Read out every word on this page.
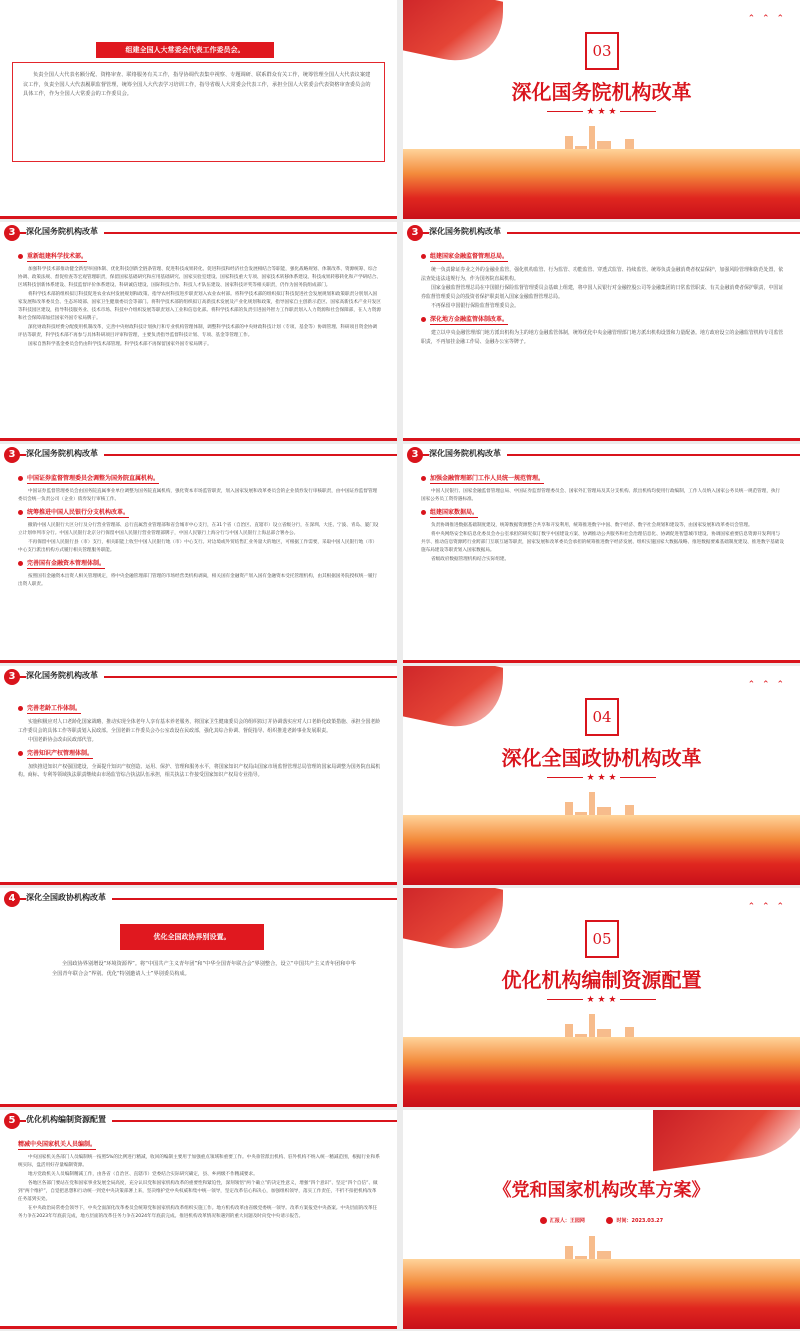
组建全国人大常委会代表工作委员会。

负责全国人大代表名额分配、资格审查、联络服务有关工作，指导协调代表集中视察、专题调研、联系群众有关工作，统筹管理全国人大代表议案建议工作，负责全国人大代表履职监督管理，统筹全国人大代表学习培训工作，指导省级人大常委会代表工作，承担全国人大常委会代表资格审查委员会的具体工作，作为全国人大常委会的工作委员会。

⌃ ⌃ ⌃
03
深化国务院机构改革
★ ★ ★
3	深化国务院机构改革
重新组建科学技术部。

加强科学技术部推动健全新型举国体制、优化科技创新全链条管理、促进科技成果转化、促进科技和经济社会发展相结合等职能，强化战略规划、体制改革、资源统筹、综合协调、政策法规、督促检查等宏观管理职责，保留国家基础研究和应用基础研究、国家实验室建设、国家科技重大专项、国家技术转移体系建设、科技成果转移转化和产学研结合、区域科技创新体系建设、科技监督评价体系建设、科研诚信建设、国际科技合作、科技人才队伍建设、国家科技评奖等相关职责，仍作为国务院组成部门。

将科学技术部的组织拟订科技促进农业农村发展规划和政策、指导农村科技进步职责划入农业农村部。将科学技术部的组织拟订科技促进社会发展规划和政策职责分别划入国家发展和改革委员会、生态环境部、国家卫生健康委员会等部门。将科学技术部的组织拟订高新技术发展及产业化规划和政策，指导国家自主创新示范区、国家高新技术产业开发区等科技园区建设，指导科技服务业、技术市场、科技中介组织发展等职责划入工业和信息化部。将科学技术部的负责引进国外智力工作职责划入人力资源和社会保障部，在人力资源和社会保障部加挂国家外国专家局牌子。

深化财政科技经费分配使用机制改革，完善中央财政科技计划执行和专业机构管理体制，调整科学技术部的中央财政科技计划（专项、基金等）协调管理、科研项目资金协调评估等职责，科学技术部不再参与具体科研项目评审和管理，主要负责指导监督科技计划、专项、基金等管理工作。

国家自然科学基金委员会仍由科学技术部管理。科学技术部不再保留国家外国专家局牌子。

3	深化国务院机构改革
组建国家金融监督管理总局。

统一负责除证券业之外的金融业监管，强化机构监管、行为监管、功能监管、穿透式监管、持续监管，统筹负责金融消费者权益保护，加强风险管理和防范处置，依法查处违法违规行为，作为国务院直属机构。

国家金融监督管理总局在中国银行保险监督管理委员会基础上组建，将中国人民银行对金融控股公司等金融集团的日常监管职责、有关金融消费者保护职责，中国证券监督管理委员会的投资者保护职责划入国家金融监督管理总局。

不再保留中国银行保险监督管理委员会。

深化地方金融监管体制改革。

建立以中央金融管理部门地方派出机构为主的地方金融监管体制，统筹优化中央金融管理部门地方派出机构设置和力量配备。地方政府设立的金融监管机构专司监管职责，不再加挂金融工作局、金融办公室等牌子。

3	深化国务院机构改革
中国证券监督管理委员会调整为国务院直属机构。

中国证券监督管理委员会由国务院直属事业单位调整为国务院直属机构，强化资本市场监管职责，划入国家发展和改革委员会的企业债券发行审核职责，由中国证券监督管理委员会统一负责公司（企业）债券发行审核工作。

统筹推进中国人民银行分支机构改革。

撤销中国人民银行大区分行及分行营业管理部、总行直属营业管理部和省会城市中心支行，在31个省（自治区、直辖市）设立省级分行，在深圳、大连、宁波、青岛、厦门设立计划单列市分行。中国人民银行北京分行保留中国人民银行营业管理部牌子，中国人民银行上海分行与中国人民银行上海总部合署办公。

不再保留中国人民银行县（市）支行，相关职能上收至中国人民银行地（市）中心支行。对边境或外贸结售汇业务量大的地区，可根据工作需要，采取中国人民银行地（市）中心支行派出机构方式履行相关管理服务职能。

完善国有金融资本管理体制。

按照国有金融资本出资人相关管理规定，将中央金融管理部门管理的市场经营类机构剥离，相关国有金融资产划入国有金融资本受托管理机构，由其根据国务院授权统一履行出资人职责。

3	深化国务院机构改革
加强金融管理部门工作人员统一规范管理。

中国人民银行、国家金融监督管理总局、中国证券监督管理委员会、国家外汇管理局及其分支机构、派出机构均使用行政编制，工作人员纳入国家公务员统一规范管理，执行国家公务员工资待遇标准。

组建国家数据局。

负责协调推进数据基础制度建设，统筹数据资源整合共享和开发利用，统筹推进数字中国、数字经济、数字社会规划和建设等，由国家发展和改革委员会管理。

将中央网络安全和信息化委员会办公室承担的研究拟订数字中国建设方案、协调推动公共服务和社会治理信息化、协调促进智慧城市建设、协调国家重要信息资源开发利用与共享、推动信息资源跨行业跨部门互联互通等职责，国家发展和改革委员会承担的统筹推进数字经济发展、组织实施国家大数据战略、推进数据要素基础制度建设、推进数字基础设施布局建设等职责划入国家数据局。

省级政府数据管理机构结合实际组建。

3	深化国务院机构改革
完善老龄工作体制。

实施积极应对人口老龄化国家战略，推动实现全体老年人享有基本养老服务，将国家卫生健康委员会的组织拟订并协调落实应对人口老龄化政策措施、承担全国老龄工作委员会的具体工作等职责划入民政部。全国老龄工作委员会办公室改设在民政部，强化其综合协调、督促指导、组织推进老龄事业发展职责。

中国老龄协会改由民政部代管。

完善知识产权管理体制。

加快推进知识产权强国建设，全面提升知识产权创造、运用、保护、管理和服务水平，将国家知识产权局由国家市场监督管理总局管理的国家局调整为国务院直属机构。商标、专利等领域执法职责继续由市场监管综合执法队伍承担，相关执法工作接受国家知识产权局专业指导。

⌃ ⌃ ⌃
04
深化全国政协机构改革
★ ★ ★
4	深化全国政协机构改革
优化全国政协界别设置。

全国政协界别增设“环境资源界”。将“中国共产主义青年团”和“中华全国青年联合会”界别整合，设立“中国共产主义青年团和中华全国青年联合会”界别。优化“特别邀请人士”界别委员构成。

⌃ ⌃ ⌃
05
优化机构编制资源配置
★ ★ ★
5	优化机构编制资源配置
精减中央国家机关人员编制。

中央国家机关各部门人员编制统一按照5%的比例进行精减，收回的编制主要用于加强重点领域和重要工作。中央垂管派出机构、驻外机构不纳入统一精减范围，根据行业和系统实际，盘活用好存量编制资源。

地方党政机关人员编制精减工作，由各省（自治区、直辖市）党委结合实际研究确定，县、乡两级不作精减要求。

各地区各部门要站在党和国家事业发展全局高度，充分认识党和国家机构改革的重要性和紧迫性，深刻领悟“两个确立”的决定性意义，增强“四个意识”、坚定“四个自信”、做到“两个维护”，自觉把思想和行动统一到党中央决策部署上来，坚决维护党中央权威和集中统一领导，坚定改革信心和决心，加强组织领导，落实工作责任，不折不扣把机构改革任务落到实处。

在中央政治局常委会领导下，中央全面深化改革委员会统筹党和国家机构改革组织实施工作。地方机构改革由省级党委统一领导。改革方案报党中央备案。中央层面的改革任务力争在2023年年底前完成，地方层面的改革任务力争在2024年年底前完成。推进机构改革情况和遇到的重大问题及时向党中央请示报告。

《党和国家机构改革方案》
汇报人：王园网	时间：2023.03.27
